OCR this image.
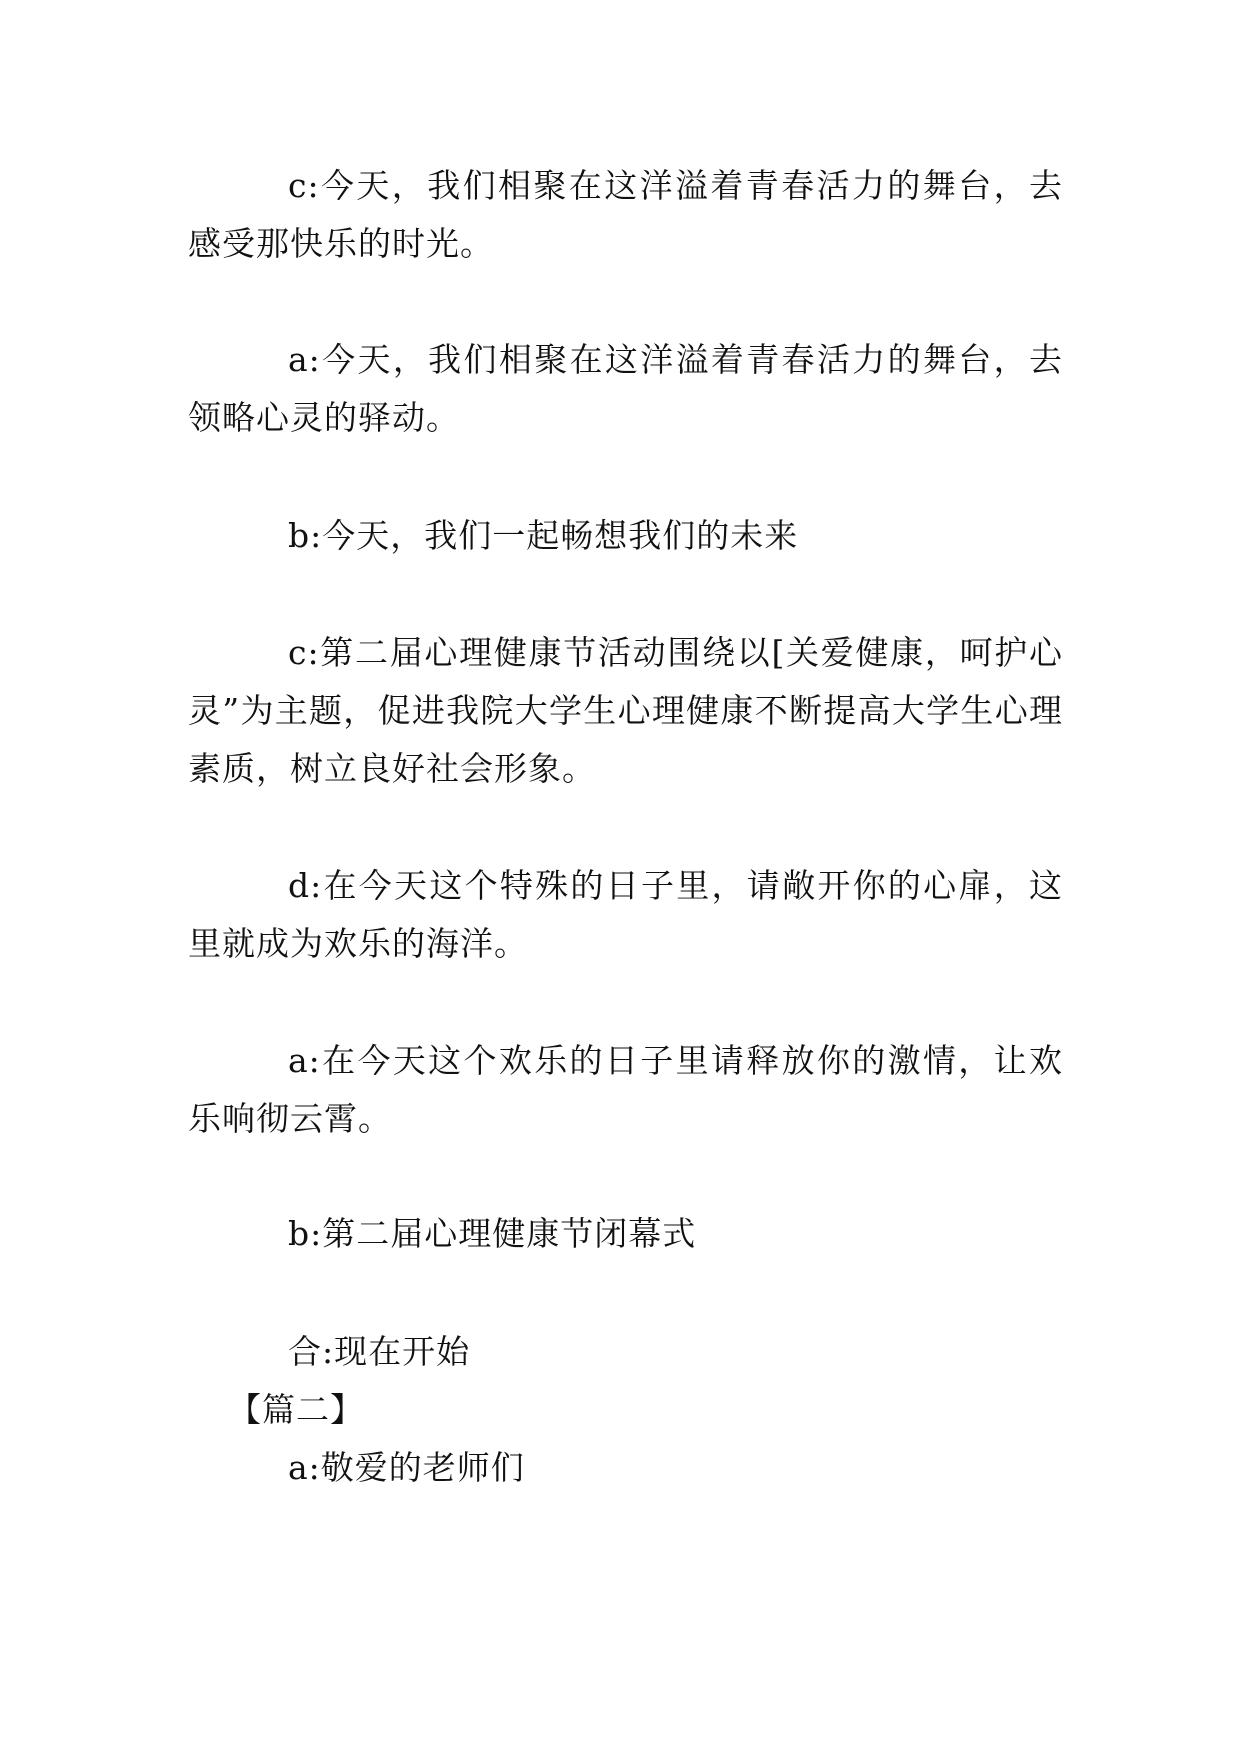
c:今天，我们相聚在这洋溢着青春活力的舞台，去感受那快乐的时光。

a:今天，我们相聚在这洋溢着青春活力的舞台，去领略心灵的驿动。

b:今天，我们一起畅想我们的未来

c:第二届心理健康节活动围绕以[关爱健康，呵护心灵”为主题，促进我院大学生心理健康不断提高大学生心理素质，树立良好社会形象。

d:在今天这个特殊的日子里，请敞开你的心扉，这里就成为欢乐的海洋。

a:在今天这个欢乐的日子里请释放你的激情，让欢乐响彻云霄。

b:第二届心理健康节闭幕式

合:现在开始

【篇二】

a:敬爱的老师们
